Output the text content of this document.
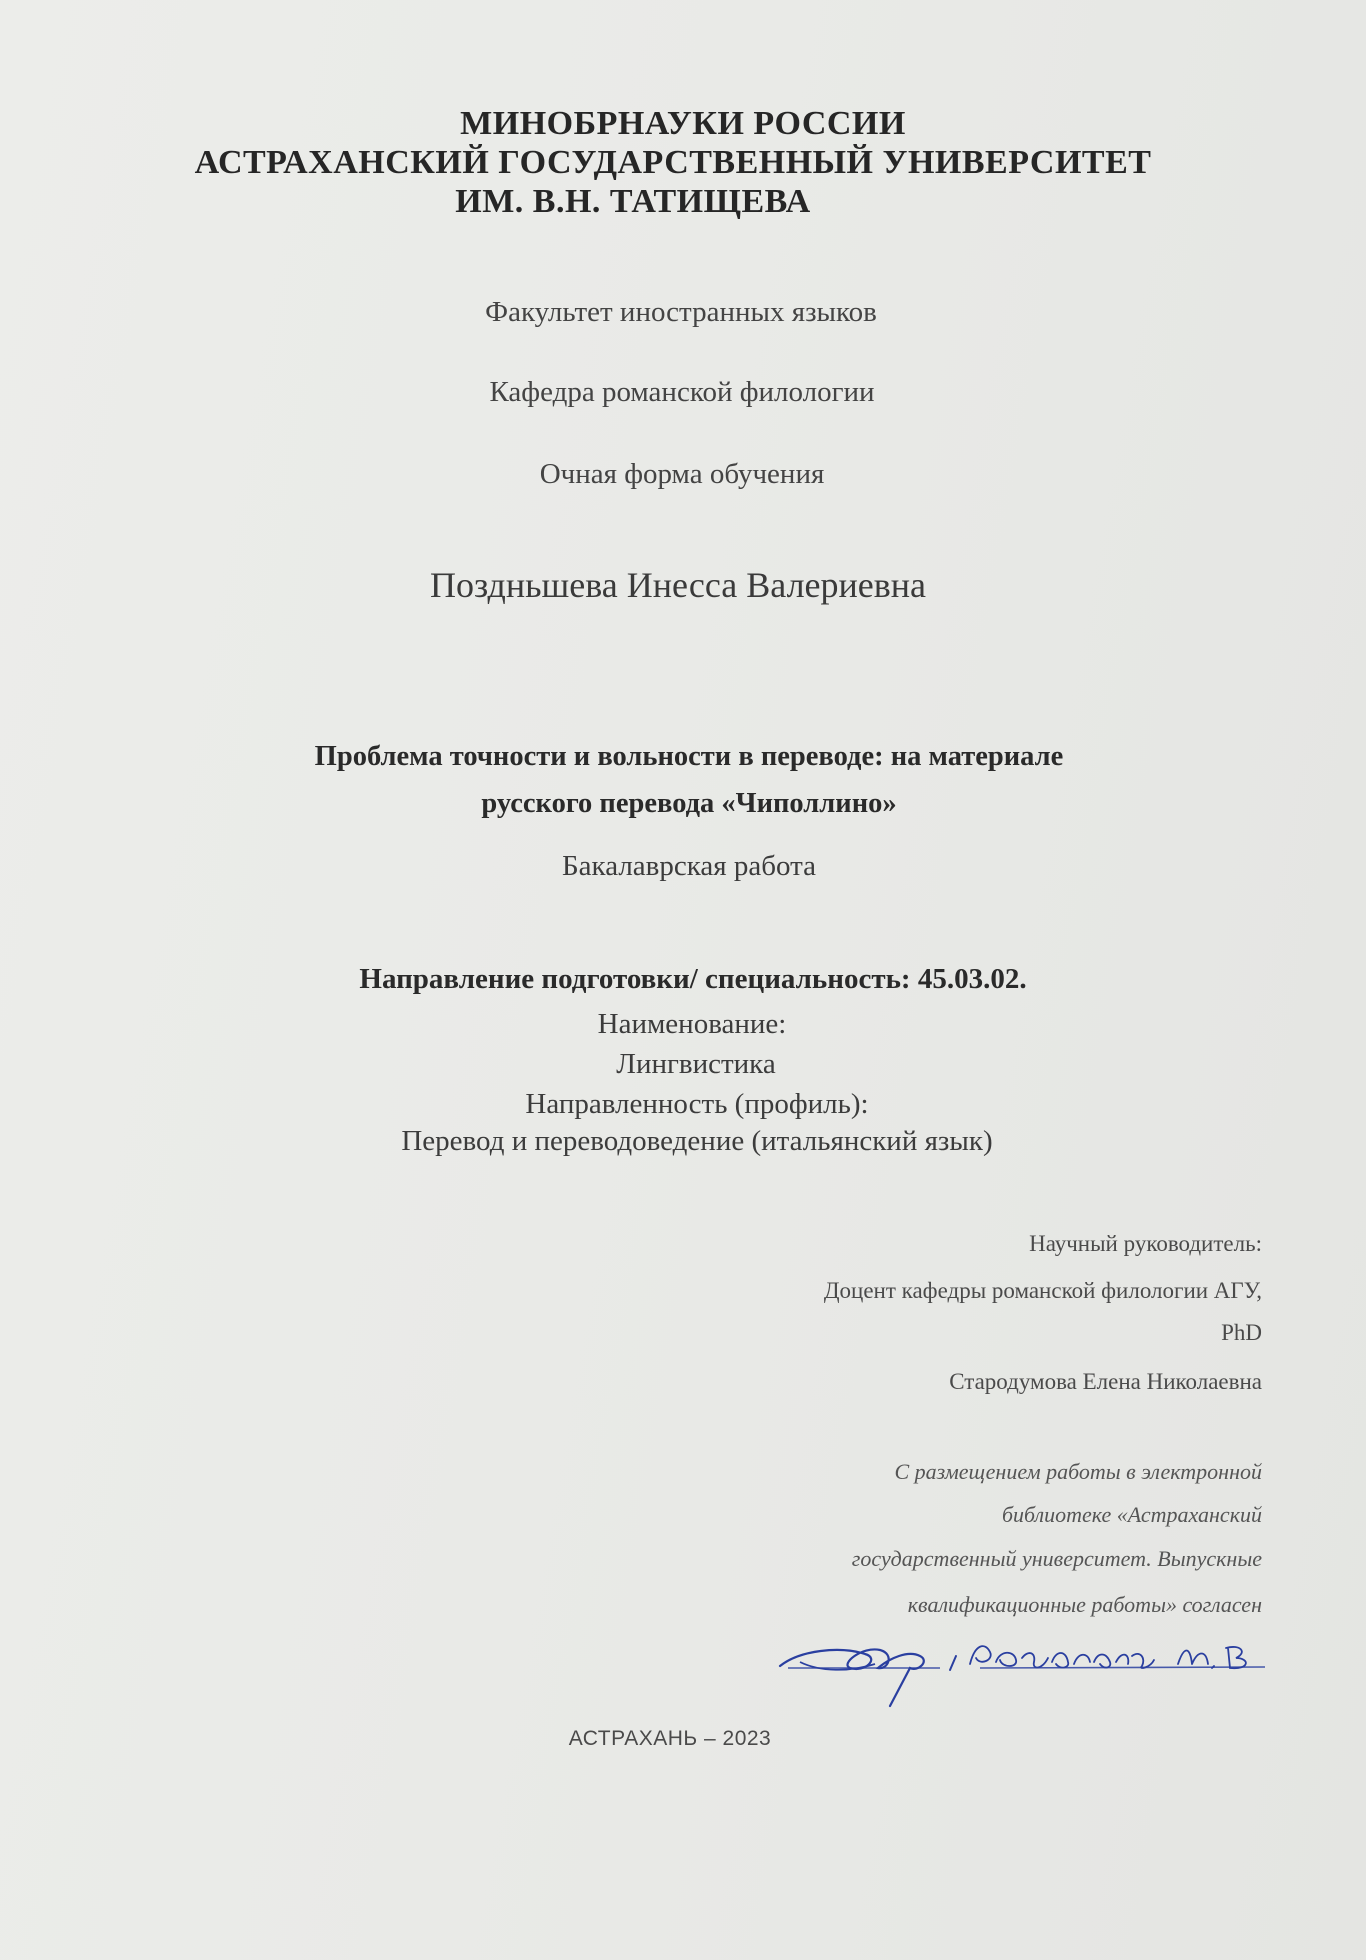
МИНОБРНАУКИ РОССИИ

АСТРАХАНСКИЙ ГОСУДАРСТВЕННЫЙ УНИВЕРСИТЕТ

ИМ. В.Н. ТАТИЩЕВА

Факультет иностранных языков

Кафедра романской филологии

Очная форма обучения

Поздньшева Инесса Валериевна

Проблема точности и вольности в переводе: на материале

русского перевода «Чиполлино»

Бакалаврская работа

Направление подготовки/ специальность: 45.03.02.

Наименование:

Лингвистика

Направленность (профиль):

Перевод и переводоведение (итальянский язык)

Научный руководитель:

Доцент кафедры романской филологии АГУ,

PhD

Стародумова Елена Николаевна

С размещением работы в электронной

библиотеке «Астраханский

государственный университет. Выпускные

квалификационные работы» согласен

АСТРАХАНЬ – 2023
